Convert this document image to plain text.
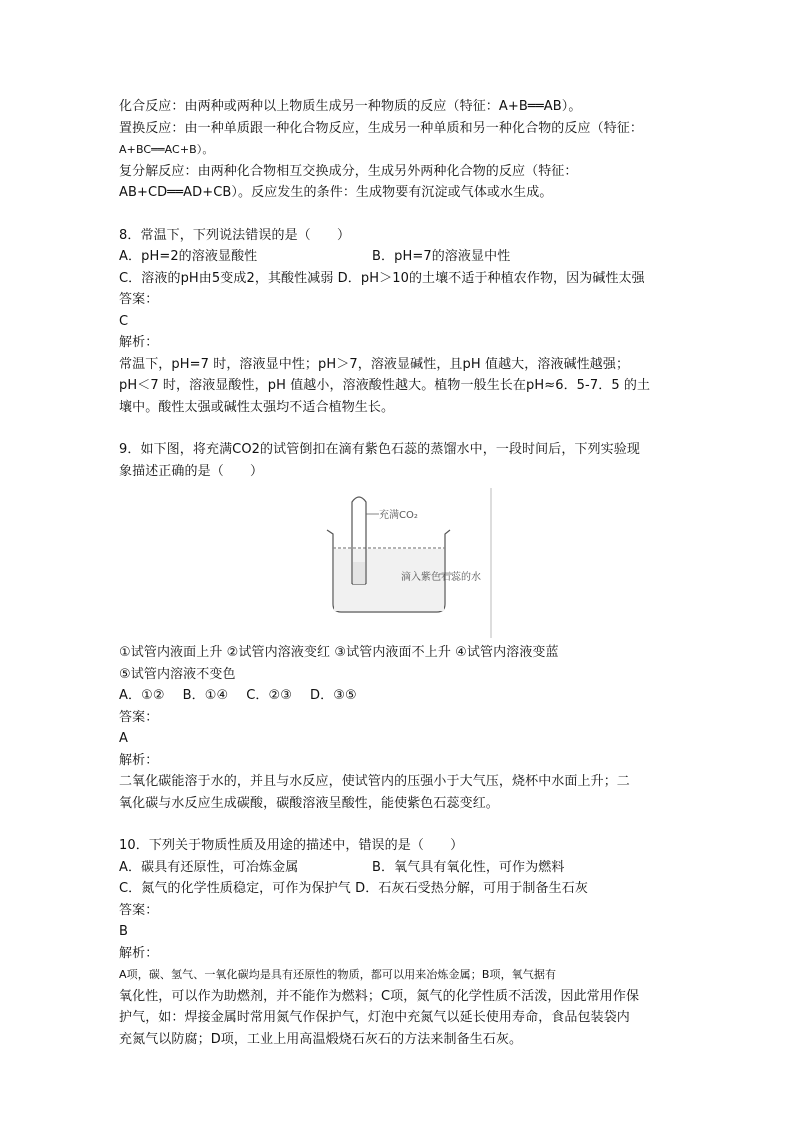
化合反应：由两种或两种以上物质生成另一种物质的反应（特征：A+B══AB）。
置换反应：由一种单质跟一种化合物反应，生成另一种单质和另一种化合物的反应（特征：
A+BC══AC+B）。
复分解反应：由两种化合物相互交换成分，生成另外两种化合物的反应（特征：
AB+CD══AD+CB）。反应发生的条件：生成物要有沉淀或气体或水生成。
8．常温下，下列说法错误的是（　　）
A．pH=2的溶液显酸性	B．pH=7的溶液显中性
C．溶液的pH由5变成2，其酸性减弱 D．pH＞10的土壤不适于种植农作物，因为碱性太强
答案：
C
解析：
常温下，pH=7 时，溶液显中性；pH＞7，溶液显碱性，且pH 值越大，溶液碱性越强；
pH＜7 时，溶液显酸性，pH 值越小，溶液酸性越大。植物一般生长在pH≈6．5-7．5 的土
壤中。酸性太强或碱性太强均不适合植物生长。
9．如下图，将充满CO2的试管倒扣在滴有紫色石蕊的蒸馏水中，一段时间后，下列实验现
象描述正确的是（　　）
充满CO₂
滴入紫色石蕊的水
①试管内液面上升 ②试管内溶液变红 ③试管内液面不上升 ④试管内溶液变蓝
⑤试管内溶液不变色
A．①② B．①④ C．②③ D．③⑤
答案：
A
解析：
二氧化碳能溶于水的，并且与水反应，使试管内的压强小于大气压，烧杯中水面上升；二
氧化碳与水反应生成碳酸，碳酸溶液呈酸性，能使紫色石蕊变红。
10．下列关于物质性质及用途的描述中，错误的是（　　）
A．碳具有还原性，可冶炼金属	B．氧气具有氧化性，可作为燃料
C．氮气的化学性质稳定，可作为保护气 D．石灰石受热分解，可用于制备生石灰
答案：
B
解析：
A项，碳、氢气、一氧化碳均是具有还原性的物质，都可以用来冶炼金属；B项，氧气据有
氧化性，可以作为助燃剂，并不能作为燃料；C项，氮气的化学性质不活泼，因此常用作保
护气，如：焊接金属时常用氮气作保护气，灯泡中充氮气以延长使用寿命，食品包装袋内
充氮气以防腐；D项，工业上用高温煅烧石灰石的方法来制备生石灰。
